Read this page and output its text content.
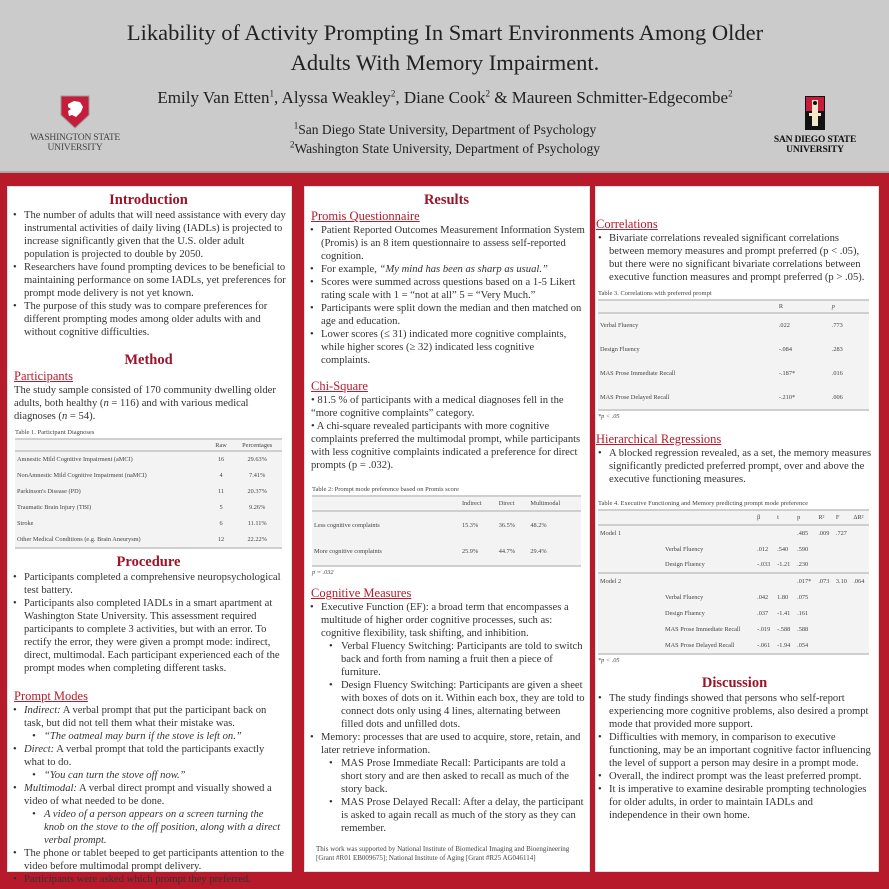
Likability of Activity Prompting In Smart Environments Among Older
Adults With Memory Impairment.
Emily Van Etten$^1$, Alyssa Weakley$^2$, Diane Cook$^2$ & Maureen Schmitter-Edgecombe$^2$
$^1$San Diego State University, Department of Psychology
$^2$Washington State University, Department of Psychology
WASHINGTON STATE
UNIVERSITY
SAN DIEGO STATE
UNIVERSITY
Introduction
• The number of adults that will need assistance with every day instrumental activities of daily living (IADLs) is projected to increase significantly given that the U.S. older adult population is projected to double by 2050.
• Researchers have found prompting devices to be beneficial to maintaining performance on some IADLs, yet preferences for prompt mode delivery is not yet known.
• The purpose of this study was to compare preferences for different prompting modes among older adults with and without cognitive difficulties.
Method
Participants
The study sample consisted of 170 community dwelling older adults, both healthy (n = 116) and with various medical diagnoses (n = 54).
Table 1. Participant Diagnoses
	Raw	Percentages
Amnestic Mild Cognitive Impairment (aMCI)	16	29.63%
NonAmnestic Mild Cognitive Impairment (naMCI)	4	7.41%
Parkinson's Disease (PD)	11	20.37%
Traumatic Brain Injury (TBI)	5	9.26%
Stroke	6	11.11%
Other Medical Conditions (e.g. Brain Aneurysm)	12	22.22%
Procedure
• Participants completed a comprehensive neuropsychological test battery.
• Participants also completed IADLs in a smart apartment at Washington State University. This assessment required participants to complete 3 activities, but with an error. To rectify the error, they were given a prompt mode: indirect, direct, multimodal. Each participant experienced each of the prompt modes when completing different tasks.
Prompt Modes
• Indirect: A verbal prompt that put the participant back on task, but did not tell them what their mistake was.
• “The oatmeal may burn if the stove is left on.”
• Direct: A verbal prompt that told the participants exactly what to do.
• “You can turn the stove off now.”
• Multimodal: A verbal direct prompt and visually showed a video of what needed to be done.
• A video of a person appears on a screen turning the knob on the stove to the off position, along with a direct verbal prompt.
• The phone or tablet beeped to get participants attention to the video before multimodal prompt delivery.
• Participants were asked which prompt they preferred.
Results
Promis Questionnaire
• Patient Reported Outcomes Measurement Information System (Promis) is an 8 item questionnaire to assess self-reported cognition.
• For example, “My mind has been as sharp as usual.”
• Scores were summed across questions based on a 1-5 Likert rating scale with 1 = “not at all” 5 = “Very Much.”
• Participants were split down the median and then matched on age and education.
• Lower scores (≤ 31) indicated more cognitive complaints, while higher scores (≥ 32) indicated less cognitive complaints.
Chi-Square
• 81.5 % of participants with a medical diagnoses fell in the “more cognitive complaints” category.
• A chi-square revealed participants with more cognitive complaints preferred the multimodal prompt, while participants with less cognitive complaints indicated a preference for direct prompts (p = .032).
Table 2: Prompt mode preference based on Promis score
	Indirect	Direct	Multimodal
Less cognitive complaints	15.3%	36.5%	48.2%
More cognitive complaints	25.9%	44.7%	29.4%
p = .032
Cognitive Measures
• Executive Function (EF): a broad term that encompasses a multitude of higher order cognitive processes, such as: cognitive flexibility, task shifting, and inhibition.
• Verbal Fluency Switching: Participants are told to switch back and forth from naming a fruit then a piece of furniture.
• Design Fluency Switching: Participants are given a sheet with boxes of dots on it. Within each box, they are told to connect dots only using 4 lines, alternating between filled dots and unfilled dots.
• Memory: processes that are used to acquire, store, retain, and later retrieve information.
• MAS Prose Immediate Recall: Participants are told a short story and are then asked to recall as much of the story back.
• MAS Prose Delayed Recall: After a delay, the participant is asked to again recall as much of the story as they can remember.
This work was supported by National Institute of Biomedical Imaging and Bioengineering [Grant #R01 EB009675]; National Institute of Aging [Grant #R25 AG046114]
Correlations
• Bivariate correlations revealed significant correlations between memory measures and prompt preferred (p < .05), but there were no significant bivariate correlations between executive function measures and prompt preferred (p > .05).
Table 3. Correlations with preferred prompt
	R	p
Verbal Fluency	.022	.773
Design Fluency	-.084	.283
MAS Prose Immediate Recall	-.187*	.016
MAS Prose Delayed Recall	-.210*	.006
*p < .05
Hierarchical Regressions
• A blocked regression revealed, as a set, the memory measures significantly predicted preferred prompt, over and above the executive functioning measures.
Table 4. Executive Functioning and Memory predicting prompt mode preference
		β	t	p	R²	F	ΔR²
Model 1				.485	.009	.727	
	Verbal Fluency	.012	.540	.590			
	Design Fluency	-.033	-1.21	.230			
Model 2				.017*	.073	3.10	.064
	Verbal Fluency	.042	1.80	.075			
	Design Fluency	.037	-1.41	.161			
	MAS Prose Immediate Recall	-.019	-.588	.588			
	MAS Prose Delayed Recall	-.061	-1.94	.054			
*p < .05
Discussion
• The study findings showed that persons who self-report experiencing more cognitive problems, also desired a prompt mode that provided more support.
• Difficulties with memory, in comparison to executive functioning, may be an important cognitive factor influencing the level of support a person may desire in a prompt mode.
• Overall, the indirect prompt was the least preferred prompt.
• It is imperative to examine desirable prompting technologies for older adults, in order to maintain IADLs and independence in their own home.
